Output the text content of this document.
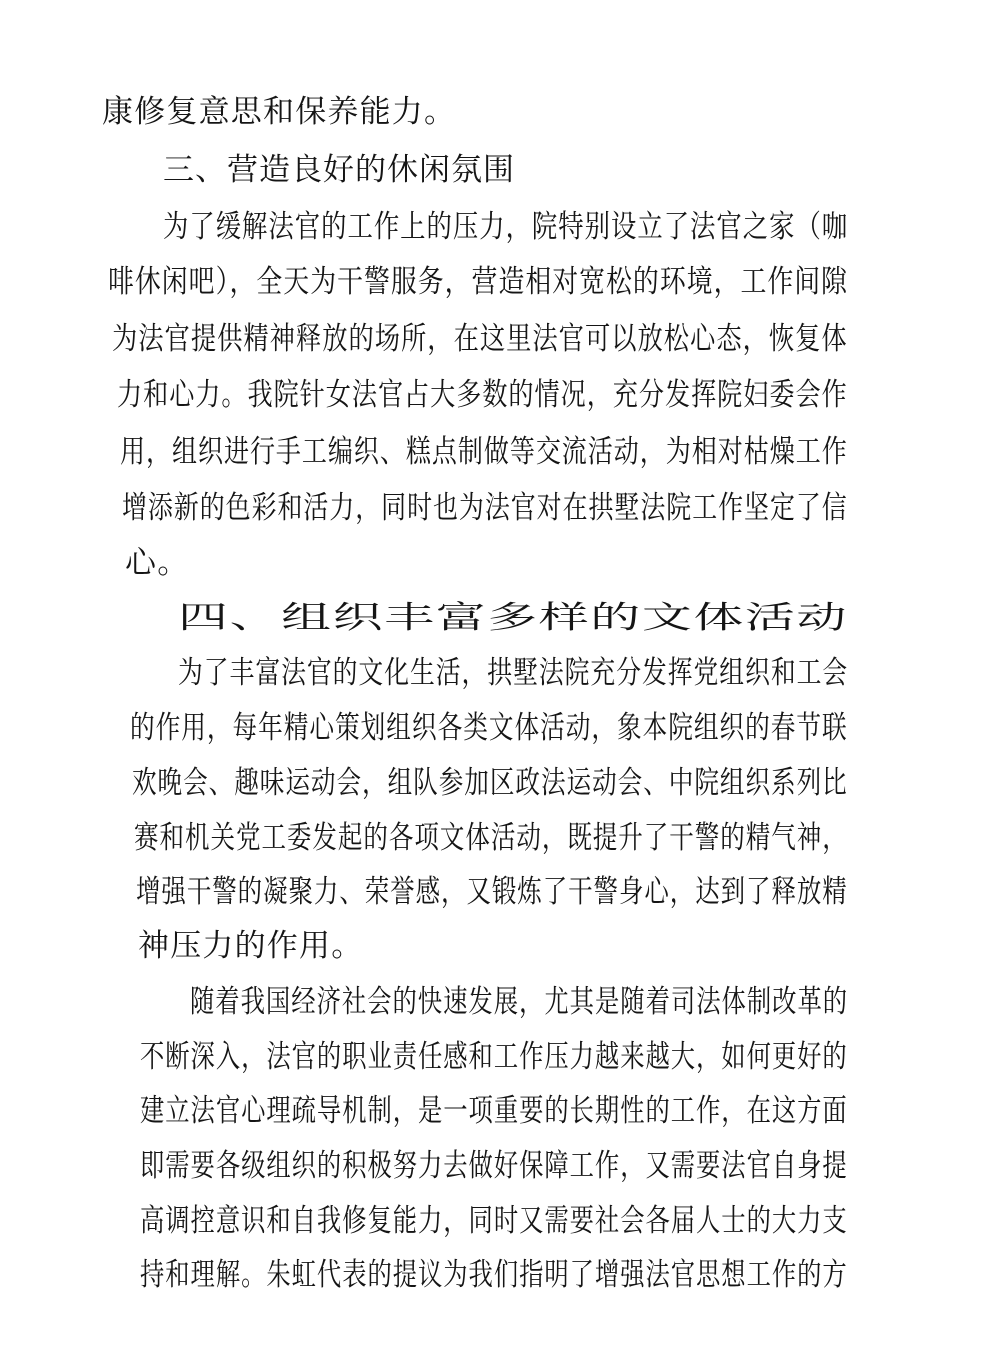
康修复意思和保养能力。
三、营造良好的休闲氛围
为了缓解法官的工作上的压力，院特别设立了法官之家（咖
啡休闲吧），全天为干警服务，营造相对宽松的环境，工作间隙
为法官提供精神释放的场所，在这里法官可以放松心态，恢复体
力和心力。我院针女法官占大多数的情况，充分发挥院妇委会作
用，组织进行手工编织、糕点制做等交流活动，为相对枯燥工作
增添新的色彩和活力，同时也为法官对在拱墅法院工作坚定了信
心。
四、组织丰富多样的文体活动
为了丰富法官的文化生活，拱墅法院充分发挥党组织和工会
的作用，每年精心策划组织各类文体活动，象本院组织的春节联
欢晚会、趣味运动会，组队参加区政法运动会、中院组织系列比
赛和机关党工委发起的各项文体活动，既提升了干警的精气神，
增强干警的凝聚力、荣誉感，又锻炼了干警身心，达到了释放精
神压力的作用。
随着我国经济社会的快速发展，尤其是随着司法体制改革的
不断深入，法官的职业责任感和工作压力越来越大，如何更好的
建立法官心理疏导机制，是一项重要的长期性的工作，在这方面
即需要各级组织的积极努力去做好保障工作，又需要法官自身提
高调控意识和自我修复能力，同时又需要社会各届人士的大力支
持和理解。朱虹代表的提议为我们指明了增强法官思想工作的方
